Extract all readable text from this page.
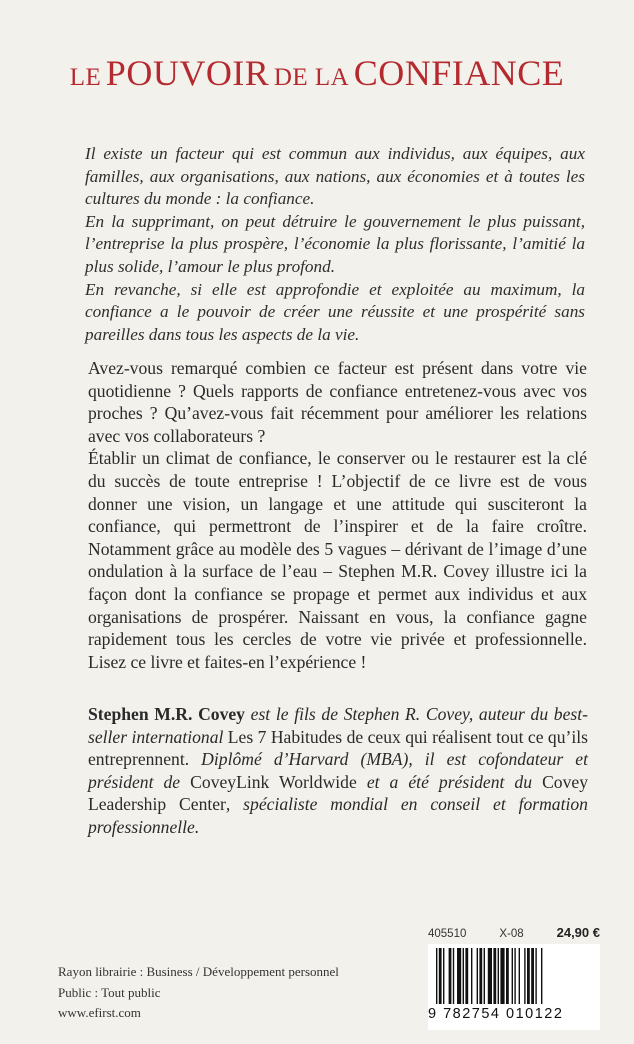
LE POUVOIR DE LA CONFIANCE

Il existe un facteur qui est commun aux individus, aux équipes, aux familles, aux organisations, aux nations, aux économies et à toutes les cultures du monde : la confiance.

En la supprimant, on peut détruire le gouvernement le plus puissant, l’entreprise la plus prospère, l’économie la plus florissante, l’amitié la plus solide, l’amour le plus profond.

En revanche, si elle est approfondie et exploitée au maximum, la confiance a le pouvoir de créer une réussite et une prospérité sans pareilles dans tous les aspects de la vie.

Avez-vous remarqué combien ce facteur est présent dans votre vie quotidienne ? Quels rapports de confiance entretenez-vous avec vos proches ? Qu’avez-vous fait récemment pour améliorer les relations avec vos collaborateurs ?

Établir un climat de confiance, le conserver ou le restaurer est la clé du succès de toute entreprise ! L’objectif de ce livre est de vous donner une vision, un langage et une attitude qui susciteront la confiance, qui permettront de l’inspirer et de la faire croître. Notamment grâce au modèle des 5 vagues – dérivant de l’image d’une ondulation à la surface de l’eau – Stephen M.R. Covey illustre ici la façon dont la confiance se propage et permet aux individus et aux organisations de prospérer. Naissant en vous, la confiance gagne rapidement tous les cercles de votre vie privée et professionnelle. Lisez ce livre et faites-en l’expérience !

Stephen M.R. Covey est le fils de Stephen R. Covey, auteur du best-seller international Les 7 Habitudes de ceux qui réalisent tout ce qu’ils entreprennent. Diplômé d’Harvard (MBA), il est cofondateur et président de CoveyLink Worldwide et a été président du Covey Leadership Center, spécialiste mondial en conseil et formation professionnelle.
405510	X-08	24,90 €
9 782754 010122
Rayon librairie : Business / Développement personnel
Public : Tout public
www.efirst.com
